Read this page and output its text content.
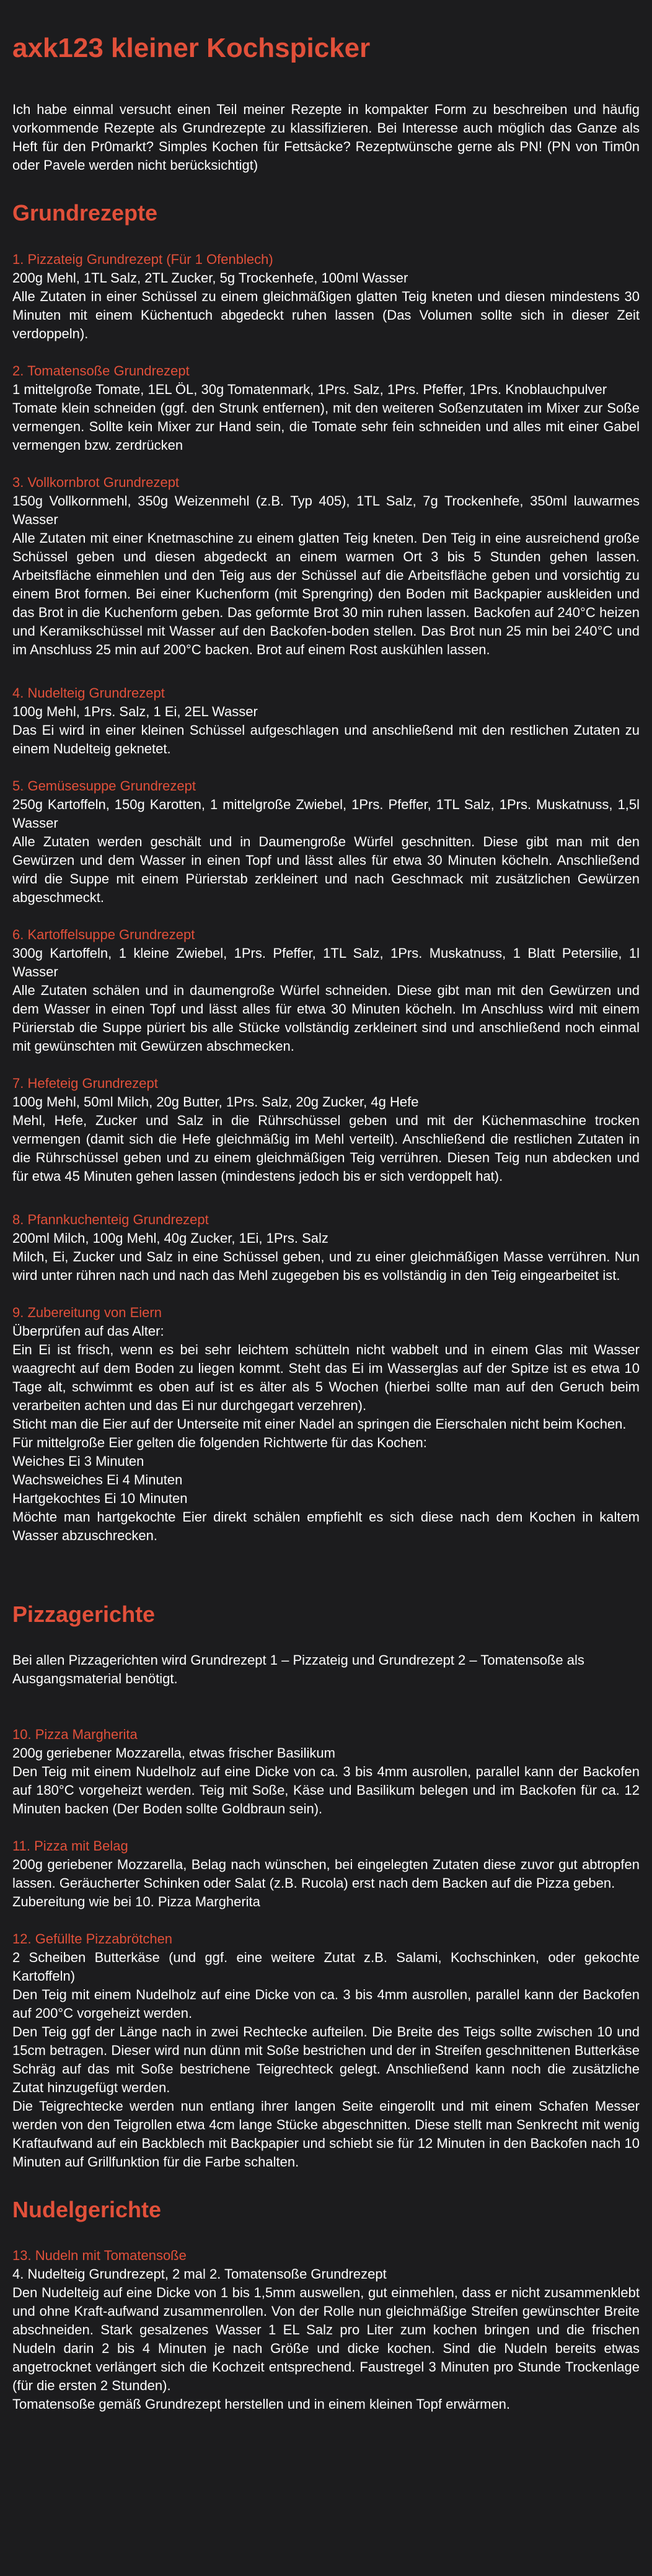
axk123 kleiner Kochspicker
Ich habe einmal versucht einen Teil meiner Rezepte in kompakter Form zu beschreiben und häufig vorkommende Rezepte als Grundrezepte zu klassifizieren. Bei Interesse auch möglich das Ganze als Heft für den Pr0markt? Simples Kochen für Fettsäcke? Rezeptwünsche gerne als PN! (PN von Tim0n oder Pavele werden nicht berücksichtigt)
Grundrezepte
1. Pizzateig Grundrezept (Für 1 Ofenblech)
200g Mehl, 1TL Salz, 2TL Zucker, 5g Trockenhefe, 100ml Wasser

Alle Zutaten in einer Schüssel zu einem gleichmäßigen glatten Teig kneten und diesen mindestens 30 Minuten mit einem Küchentuch abgedeckt ruhen lassen (Das Volumen sollte sich in dieser Zeit verdoppeln).

2. Tomatensoße Grundrezept
1 mittelgroße Tomate, 1EL ÖL, 30g Tomatenmark, 1Prs. Salz, 1Prs. Pfeffer, 1Prs. Knoblauchpulver

Tomate klein schneiden (ggf. den Strunk entfernen), mit den weiteren Soßenzutaten im Mixer zur Soße vermengen. Sollte kein Mixer zur Hand sein, die Tomate sehr fein schneiden und alles mit einer Gabel vermengen bzw. zerdrücken

3. Vollkornbrot Grundrezept
150g Vollkornmehl, 350g Weizenmehl (z.B. Typ 405), 1TL Salz, 7g Trockenhefe, 350ml lauwarmes Wasser

Alle Zutaten mit einer Knetmaschine zu einem glatten Teig kneten. Den Teig in eine ausreichend große Schüssel geben und diesen abgedeckt an einem warmen Ort 3 bis 5 Stunden gehen lassen. Arbeitsfläche einmehlen und den Teig aus der Schüssel auf die Arbeitsfläche geben und vorsichtig zu einem Brot formen. Bei einer Kuchenform (mit Sprengring) den Boden mit Backpapier auskleiden und das Brot in die Kuchenform geben. Das geformte Brot 30 min ruhen lassen. Backofen auf 240°C heizen und Keramikschüssel mit Wasser auf den Backofen-boden stellen. Das Brot nun 25 min bei 240°C und im Anschluss 25 min auf 200°C backen. Brot auf einem Rost auskühlen lassen.

4. Nudelteig Grundrezept
100g Mehl, 1Prs. Salz, 1 Ei, 2EL Wasser

Das Ei wird in einer kleinen Schüssel aufgeschlagen und anschließend mit den restlichen Zutaten zu einem Nudelteig geknetet.

5. Gemüsesuppe Grundrezept
250g Kartoffeln, 150g Karotten, 1 mittelgroße Zwiebel, 1Prs. Pfeffer, 1TL Salz, 1Prs. Muskatnuss, 1,5l Wasser

Alle Zutaten werden geschält und in Daumengroße Würfel geschnitten. Diese gibt man mit den Gewürzen und dem Wasser in einen Topf und lässt alles für etwa 30 Minuten köcheln. Anschließend wird die Suppe mit einem Pürierstab zerkleinert und nach Geschmack mit zusätzlichen Gewürzen abgeschmeckt.

6. Kartoffelsuppe Grundrezept
300g Kartoffeln, 1 kleine Zwiebel, 1Prs. Pfeffer, 1TL Salz, 1Prs. Muskatnuss, 1 Blatt Petersilie, 1l Wasser

Alle Zutaten schälen und in daumengroße Würfel schneiden. Diese gibt man mit den Gewürzen und dem Wasser in einen Topf und lässt alles für etwa 30 Minuten köcheln. Im Anschluss wird mit einem Pürierstab die Suppe püriert bis alle Stücke vollständig zerkleinert sind und anschließend noch einmal mit gewünschten mit Gewürzen abschmecken.

7. Hefeteig Grundrezept
100g Mehl, 50ml Milch, 20g Butter, 1Prs. Salz, 20g Zucker, 4g Hefe

Mehl, Hefe, Zucker und Salz in die Rührschüssel geben und mit der Küchenmaschine trocken vermengen (damit sich die Hefe gleichmäßig im Mehl verteilt). Anschließend die restlichen Zutaten in die Rührschüssel geben und zu einem gleichmäßigen Teig verrühren. Diesen Teig nun abdecken und für etwa 45 Minuten gehen lassen (mindestens jedoch bis er sich verdoppelt hat).

8. Pfannkuchenteig Grundrezept
200ml Milch, 100g Mehl, 40g Zucker, 1Ei, 1Prs. Salz

Milch, Ei, Zucker und Salz in eine Schüssel geben, und zu einer gleichmäßigen Masse verrühren. Nun wird unter rühren nach und nach das Mehl zugegeben bis es vollständig in den Teig eingearbeitet ist.

9. Zubereitung von Eiern
Überprüfen auf das Alter:

Ein Ei ist frisch, wenn es bei sehr leichtem schütteln nicht wabbelt und in einem Glas mit Wasser waagrecht auf dem Boden zu liegen kommt. Steht das Ei im Wasserglas auf der Spitze ist es etwa 10 Tage alt, schwimmt es oben auf ist es älter als 5 Wochen (hierbei sollte man auf den Geruch beim verarbeiten achten und das Ei nur durchgegart verzehren).

Sticht man die Eier auf der Unterseite mit einer Nadel an springen die Eierschalen nicht beim Kochen.

Für mittelgroße Eier gelten die folgenden Richtwerte für das Kochen:

Weiches Ei 3 Minuten

Wachsweiches Ei 4 Minuten

Hartgekochtes Ei 10 Minuten

Möchte man hartgekochte Eier direkt schälen empfiehlt es sich diese nach dem Kochen in kaltem Wasser abzuschrecken.

Pizzagerichte
Bei allen Pizzagerichten wird Grundrezept 1 – Pizzateig und Grundrezept 2 – Tomatensoße als Ausgangsmaterial benötigt.
10. Pizza Margherita
200g geriebener Mozzarella, etwas frischer Basilikum

Den Teig mit einem Nudelholz auf eine Dicke von ca. 3 bis 4mm ausrollen, parallel kann der Backofen auf 180°C vorgeheizt werden. Teig mit Soße, Käse und Basilikum belegen und im Backofen für ca. 12 Minuten backen (Der Boden sollte Goldbraun sein).

11. Pizza mit Belag
200g geriebener Mozzarella, Belag nach wünschen, bei eingelegten Zutaten diese zuvor gut abtropfen lassen. Geräucherter Schinken oder Salat (z.B. Rucola) erst nach dem Backen auf die Pizza geben.

Zubereitung wie bei 10. Pizza Margherita

12. Gefüllte Pizzabrötchen
2 Scheiben Butterkäse (und ggf. eine weitere Zutat z.B. Salami, Kochschinken, oder gekochte Kartoffeln)

Den Teig mit einem Nudelholz auf eine Dicke von ca. 3 bis 4mm ausrollen, parallel kann der Backofen auf 200°C vorgeheizt werden.

Den Teig ggf der Länge nach in zwei Rechtecke aufteilen. Die Breite des Teigs sollte zwischen 10 und 15cm betragen. Dieser wird nun dünn mit Soße bestrichen und der in Streifen geschnittenen Butterkäse Schräg auf das mit Soße bestrichene Teigrechteck gelegt. Anschließend kann noch die zusätzliche Zutat hinzugefügt werden.

Die Teigrechtecke werden nun entlang ihrer langen Seite eingerollt und mit einem Schafen Messer werden von den Teigrollen etwa 4cm lange Stücke abgeschnitten. Diese stellt man Senkrecht mit wenig Kraftaufwand auf ein Backblech mit Backpapier und schiebt sie für 12 Minuten in den Backofen nach 10 Minuten auf Grillfunktion für die Farbe schalten.

Nudelgerichte
13. Nudeln mit Tomatensoße
4. Nudelteig Grundrezept, 2 mal 2. Tomatensoße Grundrezept

Den Nudelteig auf eine Dicke von 1 bis 1,5mm auswellen, gut einmehlen, dass er nicht zusammenklebt und ohne Kraft-aufwand zusammenrollen. Von der Rolle nun gleichmäßige Streifen gewünschter Breite abschneiden. Stark gesalzenes Wasser 1 EL Salz pro Liter zum kochen bringen und die frischen Nudeln darin 2 bis 4 Minuten je nach Größe und dicke kochen. Sind die Nudeln bereits etwas angetrocknet verlängert sich die Kochzeit entsprechend. Faustregel 3 Minuten pro Stunde Trockenlage (für die ersten 2 Stunden).

Tomatensoße gemäß Grundrezept herstellen und in einem kleinen Topf erwärmen.
